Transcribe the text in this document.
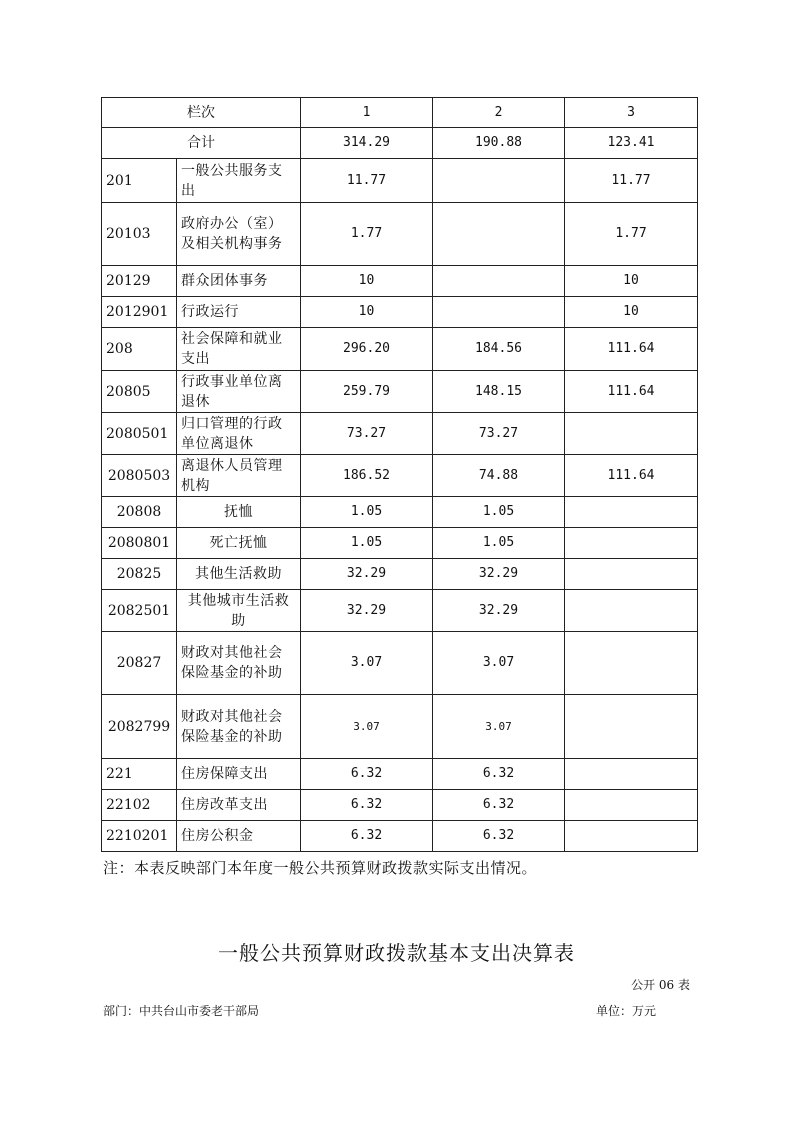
栏次		1	2	3
合计		314.29	190.88	123.41
201	一般公共服务支出	11.77		11.77
20103	政府办公（室）及相关机构事务	1.77		1.77
20129	群众团体事务	10		10
2012901	行政运行	10		10
208	社会保障和就业支出	296.20	184.56	111.64
20805	行政事业单位离退休	259.79	148.15	111.64
2080501	归口管理的行政单位离退休	73.27	73.27	
2080503	离退休人员管理机构	186.52	74.88	111.64
20808	抚恤	1.05	1.05	
2080801	死亡抚恤	1.05	1.05	
20825	其他生活救助	32.29	32.29	
2082501	其他城市生活救助	32.29	32.29	
20827	财政对其他社会保险基金的补助	3.07	3.07	
2082799	财政对其他社会保险基金的补助	3.07	3.07	
221	住房保障支出	6.32	6.32	
22102	住房改革支出	6.32	6.32	
2210201	住房公积金	6.32	6.32	
注：本表反映部门本年度一般公共预算财政拨款实际支出情况。
一般公共预算财政拨款基本支出决算表
公开 06 表
部门：中共台山市委老干部局	单位：万元
